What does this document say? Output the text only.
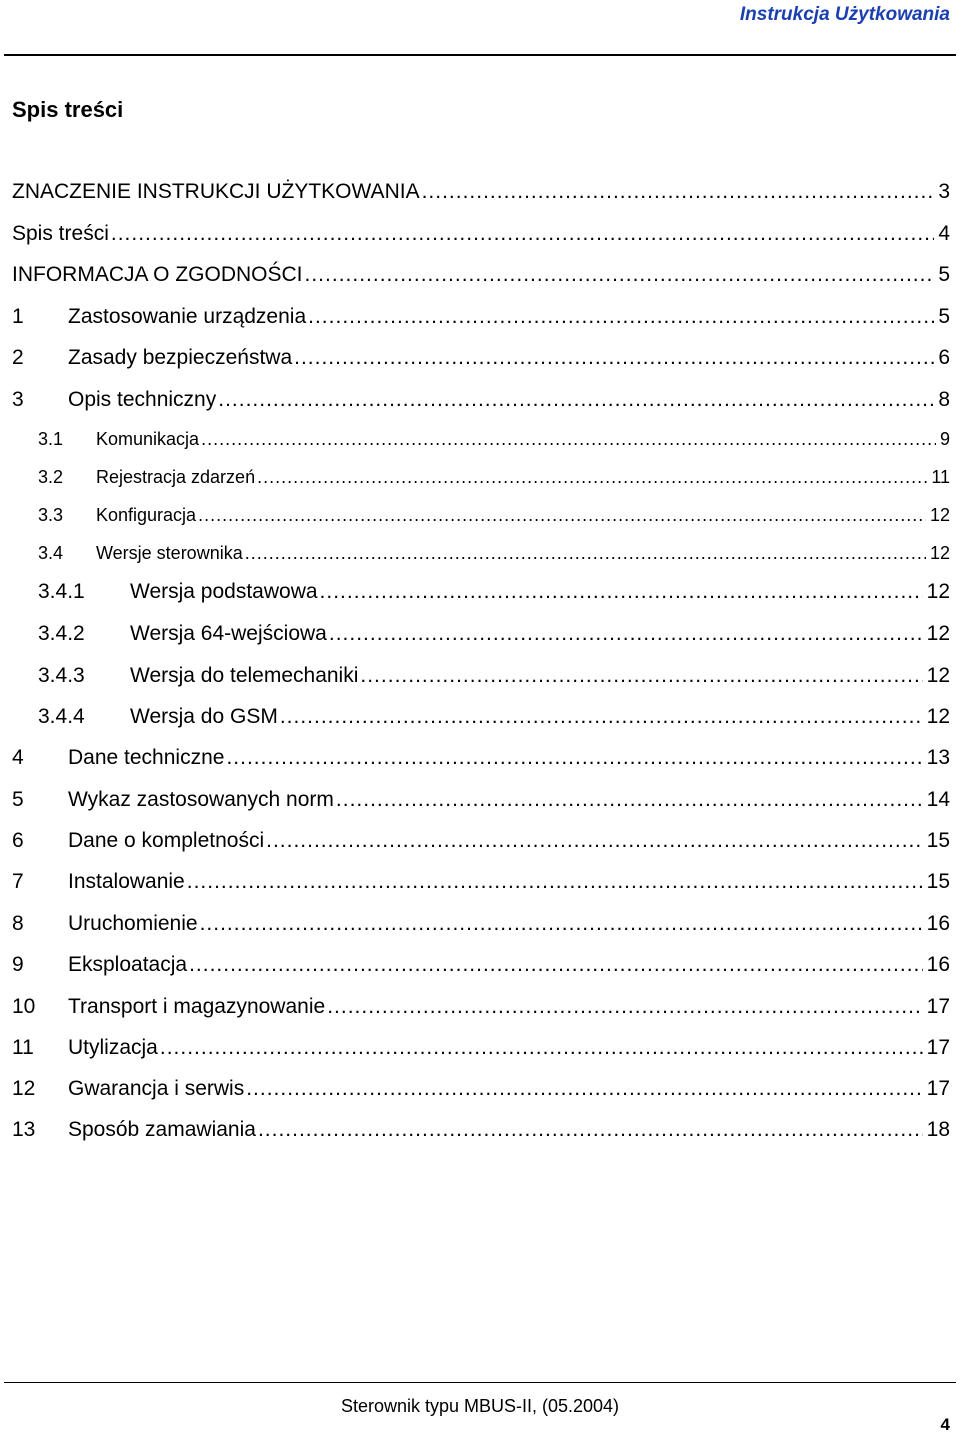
Instrukcja Użytkowania
Spis treści
ZNACZENIE INSTRUKCJI UŻYTKOWANIA .....	3
Spis treści .....	4
INFORMACJA O ZGODNOŚCI .....	5
1	Zastosowanie urządzenia .....	5
2	Zasady bezpieczeństwa .....	6
3	Opis techniczny .....	8
3.1	Komunikacja .....	9
3.2	Rejestracja zdarzeń .....	11
3.3	Konfiguracja .....	12
3.4	Wersje sterownika .....	12
3.4.1	Wersja podstawowa .....	12
3.4.2	Wersja 64-wejściowa .....	12
3.4.3	Wersja do telemechaniki .....	12
3.4.4	Wersja do GSM .....	12
4	Dane techniczne .....	13
5	Wykaz zastosowanych norm .....	14
6	Dane o kompletności .....	15
7	Instalowanie .....	15
8	Uruchomienie .....	16
9	Eksploatacja .....	16
10	Transport i magazynowanie .....	17
11	Utylizacja .....	17
12	Gwarancja i serwis .....	17
13	Sposób zamawiania .....	18
Sterownik typu MBUS-II, (05.2004)
4
